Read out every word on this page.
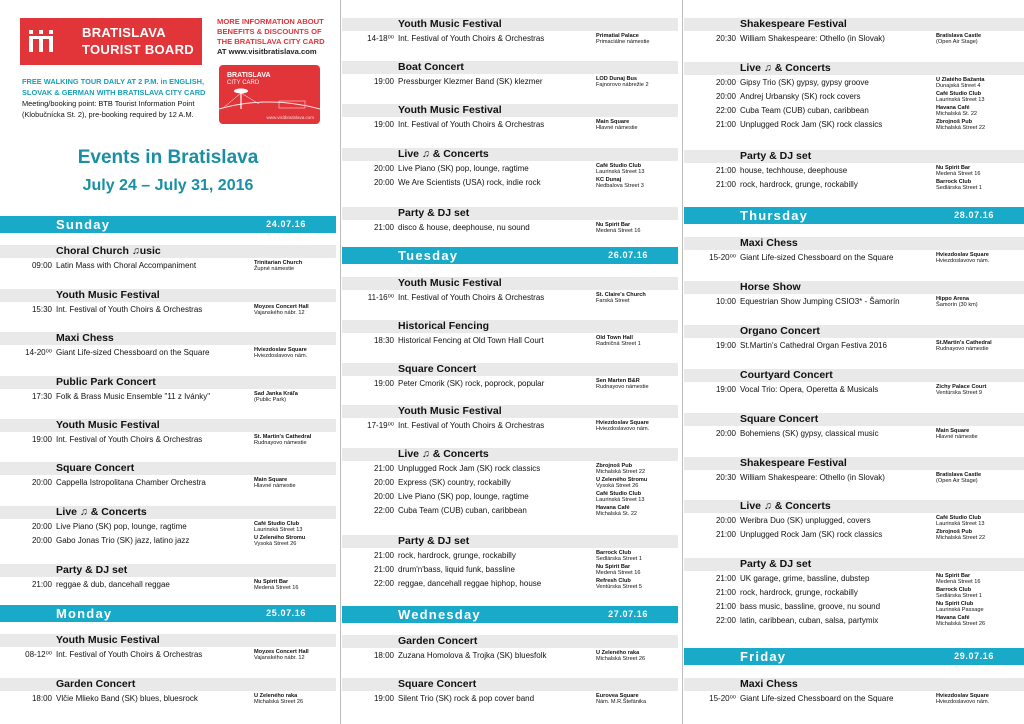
BRATISLAVA
TOURIST BOARD
MORE INFORMATION ABOUT
BENEFITS & DISCOUNTS OF
THE BRATISLAVA CITY CARD
AT www.visitbratislava.com
FREE WALKING TOUR DAILY AT 2 P.M. in ENGLISH,
SLOVAK & GERMAN WITH BRATISLAVA CITY CARD
Meeting/booking point: BTB Tourist Information Point
(Klobučnícka St. 2), pre-booking required by 12 A.M.
BRATISLAVA
CITY CARD
www.visitbratislava.com
Events in Bratislava
July 24 – July 31, 2016
Sunday	24.07.16
Choral Church ♫usic
09:00 Latin Mass with Choral Accompaniment	Trinitarian Church
Župné námestie
Youth Music Festival
15:30 Int. Festival of Youth Choirs & Orchestras	Moyzes Concert Hall
Vajanského nábr. 12
Maxi Chess
14-20⁰⁰ Giant Life-sized Chessboard on the Square	Hviezdoslav Square
Hviezdoslavovo nám.
Public Park Concert
17:30 Folk & Brass Music Ensemble "11 z Ivánky"	Sad Janka Kráľa
(Public Park)
Youth Music Festival
19:00 Int. Festival of Youth Choirs & Orchestras	St. Martin's Cathedral
Rudnayovo námestie
Square Concert
20:00 Cappella Istropolitana Chamber Orchestra	Main Square
Hlavné námestie
Live ♫ & Concerts
20:00 Live Piano (SK) pop, lounge, ragtime	Café Studio Club
Laurinská Street 13
20:00 Gabo Jonas Trio (SK) jazz, latino jazz	U Zeleného Stromu
Vysoká Street 26
Party & DJ set
21:00 reggae & dub, dancehall reggae	Nu Spirit Bar
Medená Street 16
Monday	25.07.16
Youth Music Festival
08-12⁰⁰ Int. Festival of Youth Choirs & Orchestras	Moyzes Concert Hall
Vajanského nábr. 12
Garden Concert
18:00 Vlčie Mlieko Band (SK) blues, bluesrock	U Zeleného raka
Michalská Street 26
Youth Music Festival
14-18⁰⁰ Int. Festival of Youth Choirs & Orchestras	Primatial Palace
Primaciálne námestie
Boat Concert
19:00 Pressburger Klezmer Band (SK) klezmer	LOD Dunaj Bus
Fajnorovo nábrežie 2
Youth Music Festival
19:00 Int. Festival of Youth Choirs & Orchestras	Main Square
Hlavné námestie
Live ♫ & Concerts
20:00 Live Piano (SK) pop, lounge, ragtime	Café Studio Club
Laurinská Street 13
20:00 We Are Scientists (USA) rock, indie rock	KC Dunaj
Nedbalova Street 3
Party & DJ set
21:00 disco & house, deephouse, nu sound	Nu Spirit Bar
Medená Street 16
Tuesday	26.07.16
Youth Music Festival
11-16⁰⁰ Int. Festival of Youth Choirs & Orchestras	St. Claire's Church
Farská Street
Historical Fencing
18:30 Historical Fencing at Old Town Hall Court	Old Town Hall
Radničná Street 1
Square Concert
19:00 Peter Cmorik (SK) rock, poprock, popular	Sen Marten B&R
Rudnayovo námestie
Youth Music Festival
17-19⁰⁰ Int. Festival of Youth Choirs & Orchestras	Hviezdoslav Square
Hviezdoslavovo nám.
Live ♫ & Concerts
21:00 Unplugged Rock Jam (SK) rock classics	Zbrojnoš Pub
Michalská Street 22
20:00 Express (SK) country, rockabilly	U Zeleného Stromu
Vysoká Street 26
20:00 Live Piano (SK) pop, lounge, ragtime	Café Studio Club
Laurinská Street 13
22:00 Cuba Team (CUB) cuban, caribbean	Havana Café
Michalská St. 22
Party & DJ set
21:00 rock, hardrock, grunge, rockabilly	Barrock Club
Sedlárska Street 1
21:00 drum'n'bass, liquid funk, bassline	Nu Spirit Bar
Medená Street 16
22:00 reggae, dancehall reggae hiphop, house	Refresh Club
Ventúrska Street 5
Wednesday	27.07.16
Garden Concert
18:00 Zuzana Homolova & Trojka (SK) bluesfolk	U Zeleného raka
Michalská Street 26
Square Concert
19:00 Silent Trio (SK) rock & pop cover band	Eurovea Square
Nám. M.R.Štefánika
Shakespeare Festival
20:30 William Shakespeare: Othello (in Slovak)	Bratislava Castle
(Open Air Stage)
Live ♫ & Concerts
20:00 Gipsy Trio (SK) gypsy, gypsy groove	U Zlatého Bažanta
Dunajská Street 4
20:00 Andrej Urbansky (SK) rock covers	Café Studio Club
Laurinská Street 13
22:00 Cuba Team (CUB) cuban, caribbean	Havana Café
Michalská St. 22
21:00 Unplugged Rock Jam (SK) rock classics	Zbrojnoš Pub
Michalská Street 22
Party & DJ set
21:00 house, techhouse, deephouse	Nu Spirit Bar
Medená Street 16
21:00 rock, hardrock, grunge, rockabilly	Barrock Club
Sedlárska Street 1
Thursday	28.07.16
Maxi Chess
15-20⁰⁰ Giant Life-sized Chessboard on the Square	Hviezdoslav Square
Hviezdoslavovo nám.
Horse Show
10:00 Equestrian Show Jumping CSIO3* - Šamorín	Hippo Arena
Šamorín (30 km)
Organo Concert
19:00 St.Martin's Cathedral Organ Festiva 2016	St.Martin's Cathedral
Rudnayovo námestie
Courtyard Concert
19:00 Vocal Trio: Opera, Operetta & Musicals	Zichy Palace Court
Ventúrska Street 9
Square Concert
20:00 Bohemiens (SK) gypsy, classical music	Main Square
Hlavné námestie
Shakespeare Festival
20:30 William Shakespeare: Othello (in Slovak)	Bratislava Castle
(Open Air Stage)
Live ♫ & Concerts
20:00 Weribra Duo (SK) unplugged, covers	Café Studio Club
Laurinská Street 13
21:00 Unplugged Rock Jam (SK) rock classics	Zbrojnoš Pub
Michalská Street 22
Party & DJ set
21:00 UK garage, grime, bassline, dubstep	Nu Spirit Bar
Medená Street 16
21:00 rock, hardrock, grunge, rockabilly	Barrock Club
Sedlárska Street 1
21:00 bass music, bassline, groove, nu sound	Nu Spirit Club
Laurinská Passage
22:00 latin, caribbean, cuban, salsa, partymix	Havana Café
Michalská Street 26
Friday	29.07.16
Maxi Chess
15-20⁰⁰ Giant Life-sized Chessboard on the Square	Hviezdoslav Square
Hviezdoslavovo nám.
